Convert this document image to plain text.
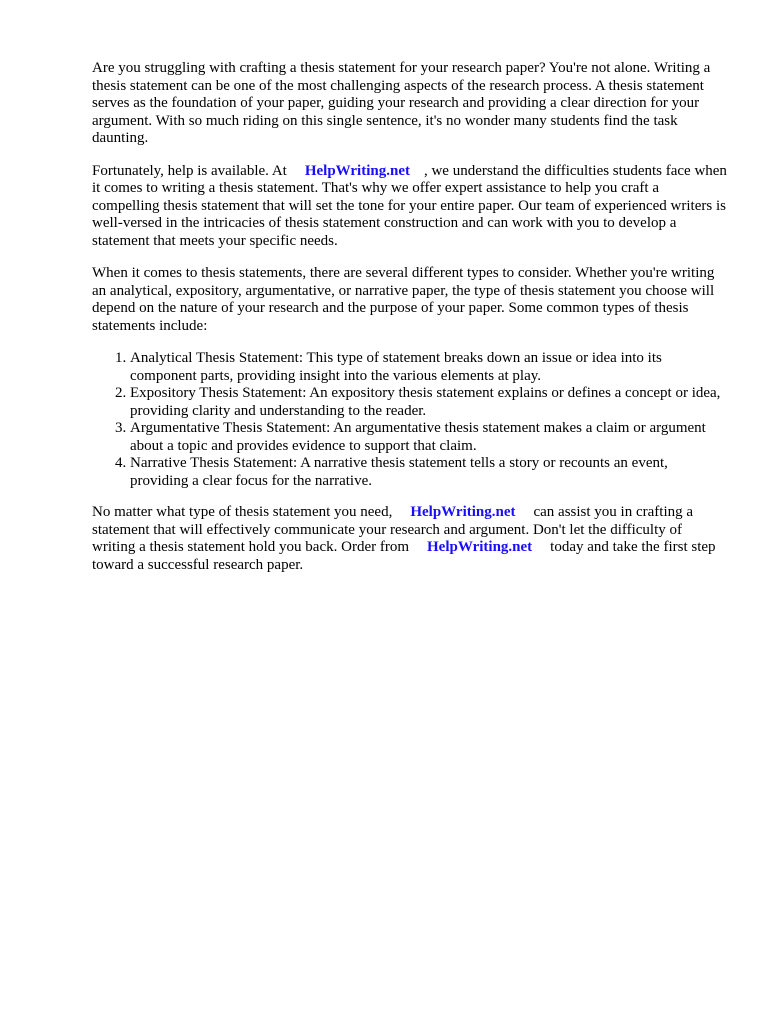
Are you struggling with crafting a thesis statement for your research paper? You're not alone. Writing a thesis statement can be one of the most challenging aspects of the research process. A thesis statement serves as the foundation of your paper, guiding your research and providing a clear direction for your argument. With so much riding on this single sentence, it's no wonder many students find the task daunting.

Fortunately, help is available. At HelpWriting.net , we understand the difficulties students face when it comes to writing a thesis statement. That's why we offer expert assistance to help you craft a compelling thesis statement that will set the tone for your entire paper. Our team of experienced writers is well-versed in the intricacies of thesis statement construction and can work with you to develop a statement that meets your specific needs.

When it comes to thesis statements, there are several different types to consider. Whether you're writing an analytical, expository, argumentative, or narrative paper, the type of thesis statement you choose will depend on the nature of your research and the purpose of your paper. Some common types of thesis statements include:

1. Analytical Thesis Statement: This type of statement breaks down an issue or idea into its component parts, providing insight into the various elements at play.
2. Expository Thesis Statement: An expository thesis statement explains or defines a concept or idea, providing clarity and understanding to the reader.
3. Argumentative Thesis Statement: An argumentative thesis statement makes a claim or argument about a topic and provides evidence to support that claim.
4. Narrative Thesis Statement: A narrative thesis statement tells a story or recounts an event, providing a clear focus for the narrative.

No matter what type of thesis statement you need, HelpWriting.net can assist you in crafting a statement that will effectively communicate your research and argument. Don't let the difficulty of writing a thesis statement hold you back. Order from HelpWriting.net today and take the first step toward a successful research paper.
